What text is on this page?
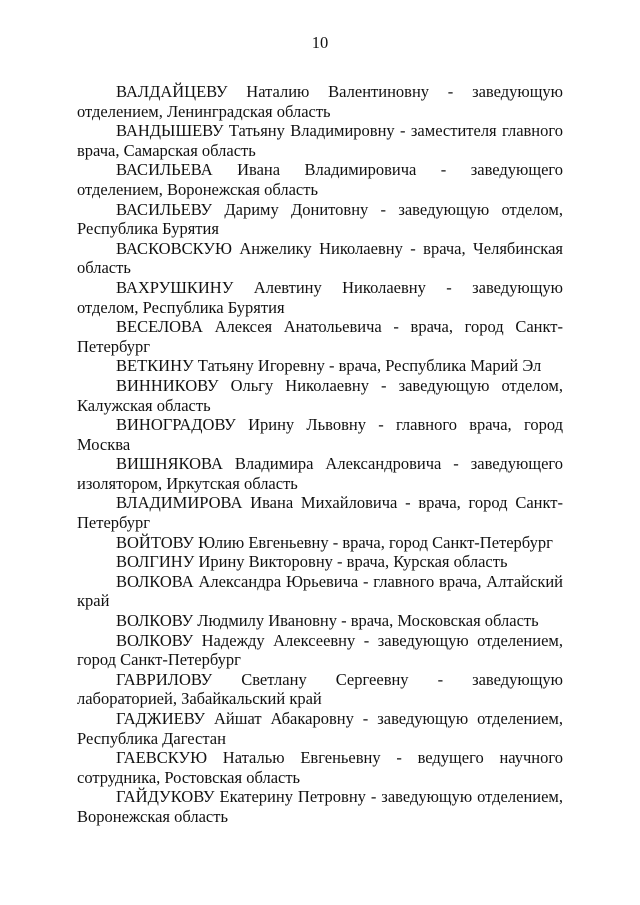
10

ВАЛДАЙЦЕВУ Наталию Валентиновну - заведующую отделением, Ленинградская область

ВАНДЫШЕВУ Татьяну Владимировну - заместителя главного врача, Самарская область

ВАСИЛЬЕВА Ивана Владимировича - заведующего отделением, Воронежская область

ВАСИЛЬЕВУ Дариму Донитовну - заведующую отделом, Республика Бурятия

ВАСКОВСКУЮ Анжелику Николаевну - врача, Челябинская область

ВАХРУШКИНУ Алевтину Николаевну - заведующую отделом, Республика Бурятия

ВЕСЕЛОВА Алексея Анатольевича - врача, город Санкт-Петербург

ВЕТКИНУ Татьяну Игоревну - врача, Республика Марий Эл

ВИННИКОВУ Ольгу Николаевну - заведующую отделом, Калужская область

ВИНОГРАДОВУ Ирину Львовну - главного врача, город Москва

ВИШНЯКОВА Владимира Александровича - заведующего изолятором, Иркутская область

ВЛАДИМИРОВА Ивана Михайловича - врача, город Санкт-Петербург

ВОЙТОВУ Юлию Евгеньевну - врача, город Санкт-Петербург

ВОЛГИНУ Ирину Викторовну - врача, Курская область

ВОЛКОВА Александра Юрьевича - главного врача, Алтайский край

ВОЛКОВУ Людмилу Ивановну - врача, Московская область

ВОЛКОВУ Надежду Алексеевну - заведующую отделением, город Санкт-Петербург

ГАВРИЛОВУ Светлану Сергеевну - заведующую лабораторией, Забайкальский край

ГАДЖИЕВУ Айшат Абакаровну - заведующую отделением, Республика Дагестан

ГАЕВСКУЮ Наталью Евгеньевну - ведущего научного сотрудника, Ростовская область

ГАЙДУКОВУ Екатерину Петровну - заведующую отделением, Воронежская область
